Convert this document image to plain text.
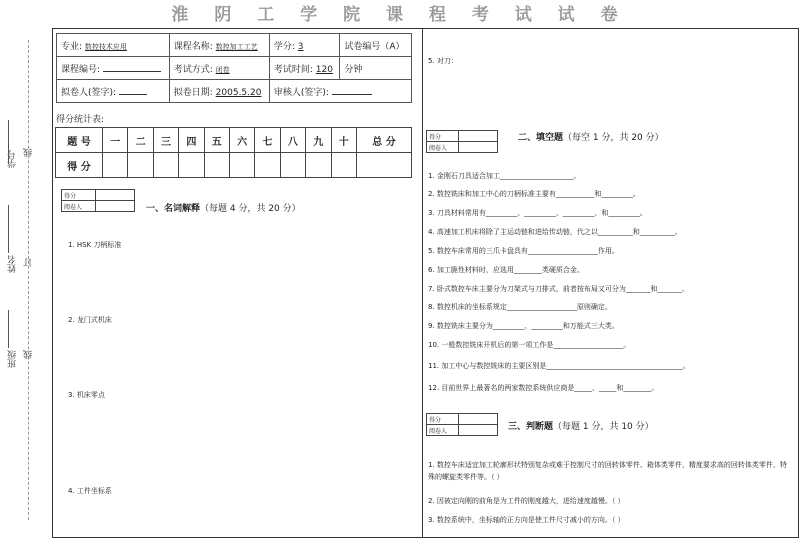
淮 阴 工 学 院 课 程 考 试 试 卷
学号
姓名
班级
线
订
线
专业: 数控技术应用	课程名称: 数控加工工艺	学分: 3	试卷编号（A）
课程编号:	考试方式: 闭卷	考试时间: 120	分钟
拟卷人(签字):	拟卷日期: 2005.5.20	审核人(签字):	
得分统计表:
题 号	一	二	三	四	五	六	七	八	九	十	总 分
得 分											
得分	
阅卷人		一、名词解释（每题 4 分，共 20 分）
1. HSK 刀柄标准
2. 龙门式机床
3. 机床零点
4. 工件坐标系
5. 对刀：
得分	
阅卷人	
二、填空题（每空 1 分，共 20 分）
1. 金刚石刀具适合加工_____________________。
2. 数控铣床和加工中心的刀柄标准主要有___________和_________。
3. 刀具材料常用有_________、_________、_________、和_________。
4. 高速加工机床将除了主运动链和进给传动链，代之以__________和__________。
5. 数控车床常用的三爪卡盘具有____________________作用。
6. 加工脆性材料时，应选用________类硬质合金。
7. 卧式数控车床主要分为刀架式与刀排式，前者按布局又可分为_______和_______。
8. 数控机床的坐标系规定____________________原则确定。
9. 数控铣床主要分为_________、_________和万能式三大类。
10. 一般数控铣床开机后的第一项工作是____________________。
11. 加工中心与数控铣床的主要区别是_______________________________________。
12. 目前世界上最著名的两家数控系统供应商是_____、_____和________。
得分	
阅卷人		三、判断题（每题 1 分，共 10 分）
1. 数控车床适宜加工轮廓形状特别复杂或难于控制尺寸的回转体零件、箱体类零件、精度要求高的回转体类零件、特殊的螺旋类零件等。（ ）
2. 因被定向刚的前角是为工件的刚度越大，进给速度越慢。（ ）
3. 数控系统中，坐标轴的正方向是使工件尺寸减小的方向。（ ）
